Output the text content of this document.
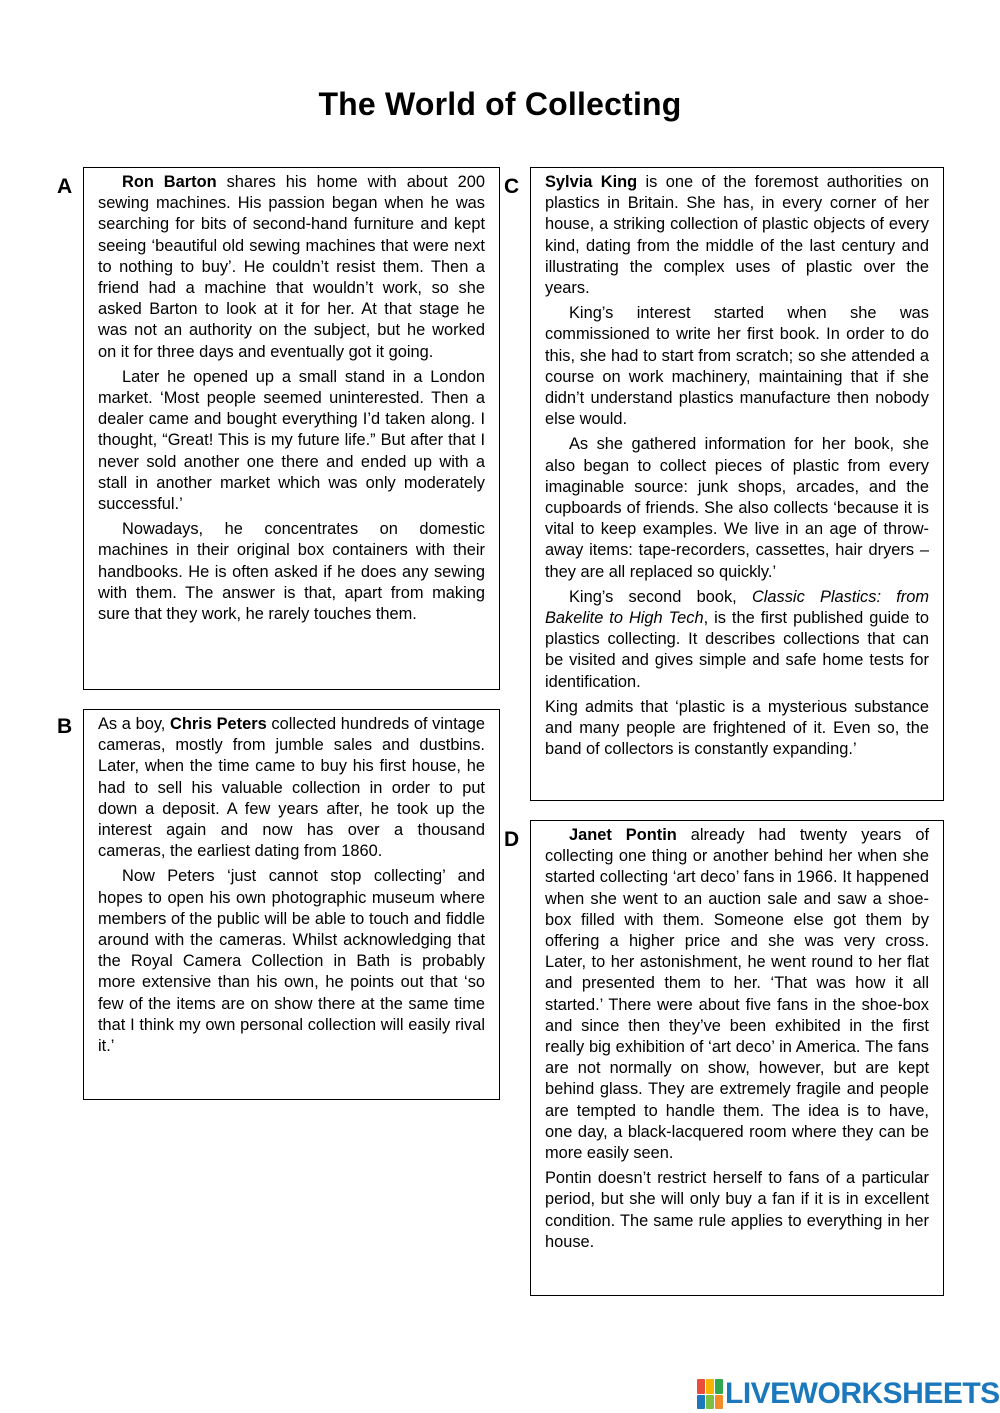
The World of Collecting
A	Ron Barton shares his home with about 200 sewing machines. His passion began when he was searching for bits of second-hand furniture and kept seeing ‘beautiful old sewing machines that were next to nothing to buy’. He couldn’t resist them. Then a friend had a machine that wouldn’t work, so she asked Barton to look at it for her. At that stage he was not an authority on the subject, but he worked on it for three days and eventually got it going.

Later he opened up a small stand in a London market. ‘Most people seemed uninterested. Then a dealer came and bought everything I’d taken along. I thought, “Great! This is my future life.” But after that I never sold another one there and ended up with a stall in another market which was only moderately successful.’

Nowadays, he concentrates on domestic machines in their original box containers with their handbooks. He is often asked if he does any sewing with them. The answer is that, apart from making sure that they work, he rarely touches them.

B As a boy, Chris Peters collected hundreds of vintage cameras, mostly from jumble sales and dustbins. Later, when the time came to buy his first house, he had to sell his valuable collection in order to put down a deposit. A few years after, he took up the interest again and now has over a thousand cameras, the earliest dating from 1860.

Now Peters ‘just cannot stop collecting’ and hopes to open his own photographic museum where members of the public will be able to touch and fiddle around with the cameras. Whilst acknowledging that the Royal Camera Collection in Bath is probably more extensive than his own, he points out that ‘so few of the items are on show there at the same time that I think my own personal collection will easily rival it.’

C Sylvia King is one of the foremost authorities on plastics in Britain. She has, in every corner of her house, a striking collection of plastic objects of every kind, dating from the middle of the last century and illustrating the complex uses of plastic over the years.

King’s interest started when she was commissioned to write her first book. In order to do this, she had to start from scratch; so she attended a course on work machinery, maintaining that if she didn’t understand plastics manufacture then nobody else would.

As she gathered information for her book, she also began to collect pieces of plastic from every imaginable source: junk shops, arcades, and the cupboards of friends. She also collects ‘because it is vital to keep examples. We live in an age of throw-away items: tape-recorders, cassettes, hair dryers – they are all replaced so quickly.’

King’s second book, Classic Plastics: from Bakelite to High Tech, is the first published guide to plastics collecting. It describes collections that can be visited and gives simple and safe home tests for identification.

King admits that ‘plastic is a mysterious substance and many people are frightened of it. Even so, the band of collectors is constantly expanding.’

D	Janet Pontin already had twenty years of collecting one thing or another behind her when she started collecting ‘art deco’ fans in 1966. It happened when she went to an auction sale and saw a shoe-box filled with them. Someone else got them by offering a higher price and she was very cross. Later, to her astonishment, he went round to her flat and presented them to her. ‘That was how it all started.’ There were about five fans in the shoe-box and since then they’ve been exhibited in the first really big exhibition of ‘art deco’ in America. The fans are not normally on show, however, but are kept behind glass. They are extremely fragile and people are tempted to handle them. The idea is to have, one day, a black-lacquered room where they can be more easily seen.

Pontin doesn’t restrict herself to fans of a particular period, but she will only buy a fan if it is in excellent condition. The same rule applies to everything in her house.

LIVEWORKSHEETS
